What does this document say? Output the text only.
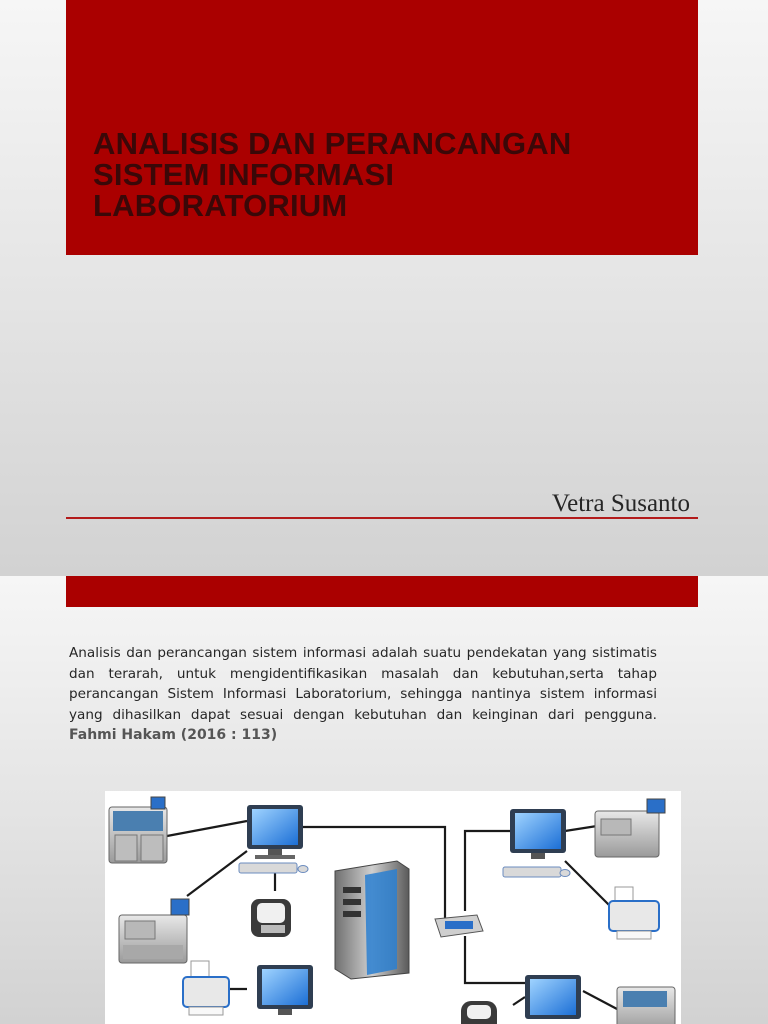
ANALISIS DAN PERANCANGAN
SISTEM INFORMASI
LABORATORIUM
Vetra Susanto
Analisis dan perancangan sistem informasi adalah suatu pendekatan yang sistimatis dan terarah, untuk mengidentifikasikan masalah dan kebutuhan,serta tahap perancangan Sistem Informasi Laboratorium, sehingga nantinya sistem informasi yang dihasilkan dapat sesuai dengan kebutuhan dan keinginan dari pengguna. Fahmi Hakam (2016 : 113)
